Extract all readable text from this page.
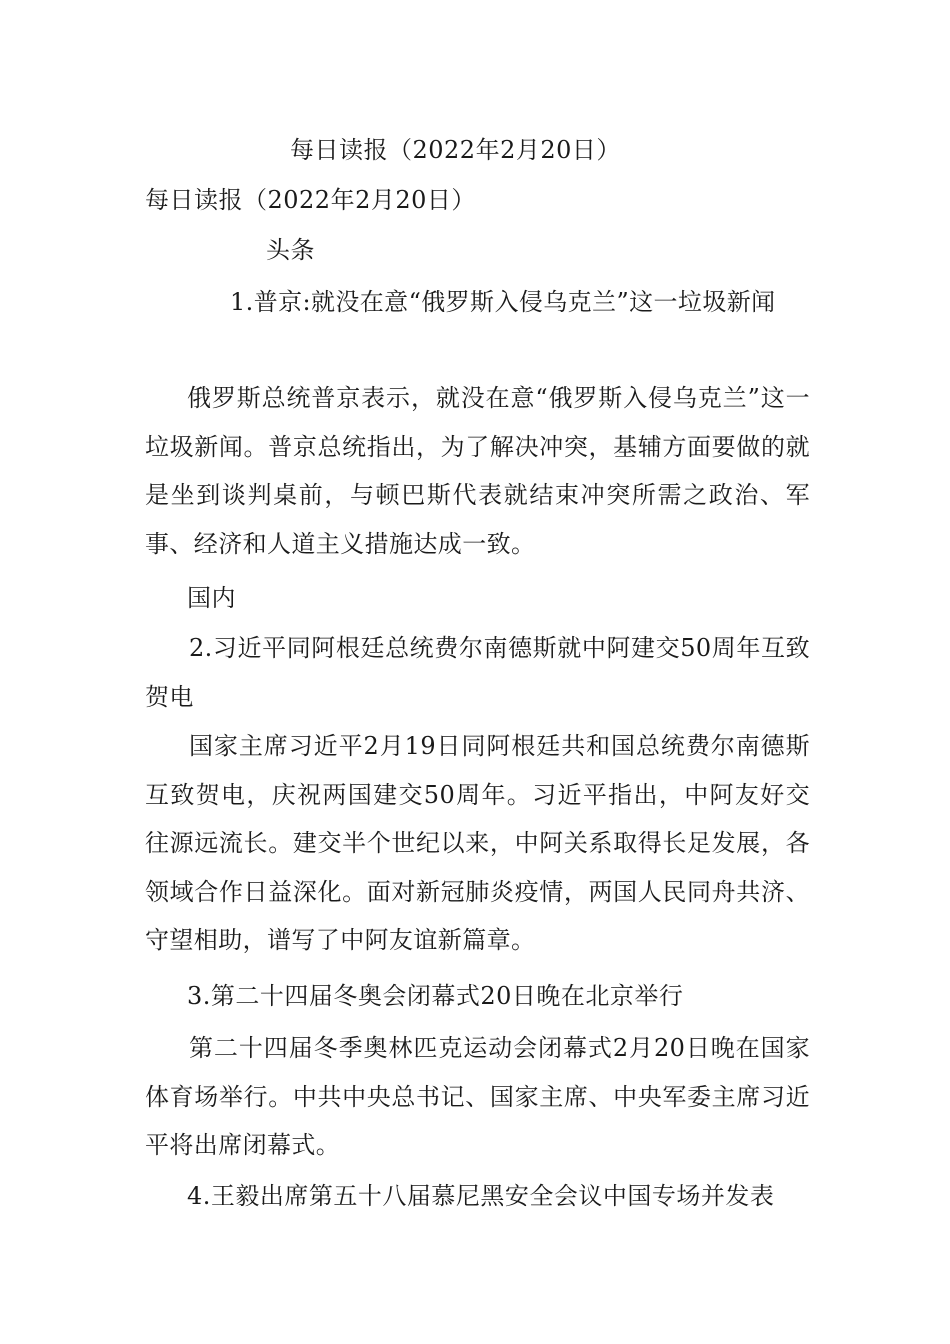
每日读报（2022年2月20日）
每日读报（2022年2月20日）
头条
1.普京:就没在意“俄罗斯入侵乌克兰”这一垃圾新闻
俄罗斯总统普京表示，就没在意“俄罗斯入侵乌克兰”这一垃圾新闻。普京总统指出，为了解决冲突，基辅方面要做的就是坐到谈判桌前，与顿巴斯代表就结束冲突所需之政治、军事、经济和人道主义措施达成一致。
国内
2.习近平同阿根廷总统费尔南德斯就中阿建交50周年互致贺电
国家主席习近平2月19日同阿根廷共和国总统费尔南德斯互致贺电，庆祝两国建交50周年。习近平指出，中阿友好交往源远流长。建交半个世纪以来，中阿关系取得长足发展，各领域合作日益深化。面对新冠肺炎疫情，两国人民同舟共济、守望相助，谱写了中阿友谊新篇章。
3.第二十四届冬奥会闭幕式20日晚在北京举行
第二十四届冬季奥林匹克运动会闭幕式2月20日晚在国家体育场举行。中共中央总书记、国家主席、中央军委主席习近平将出席闭幕式。
4.王毅出席第五十八届慕尼黑安全会议中国专场并发表
